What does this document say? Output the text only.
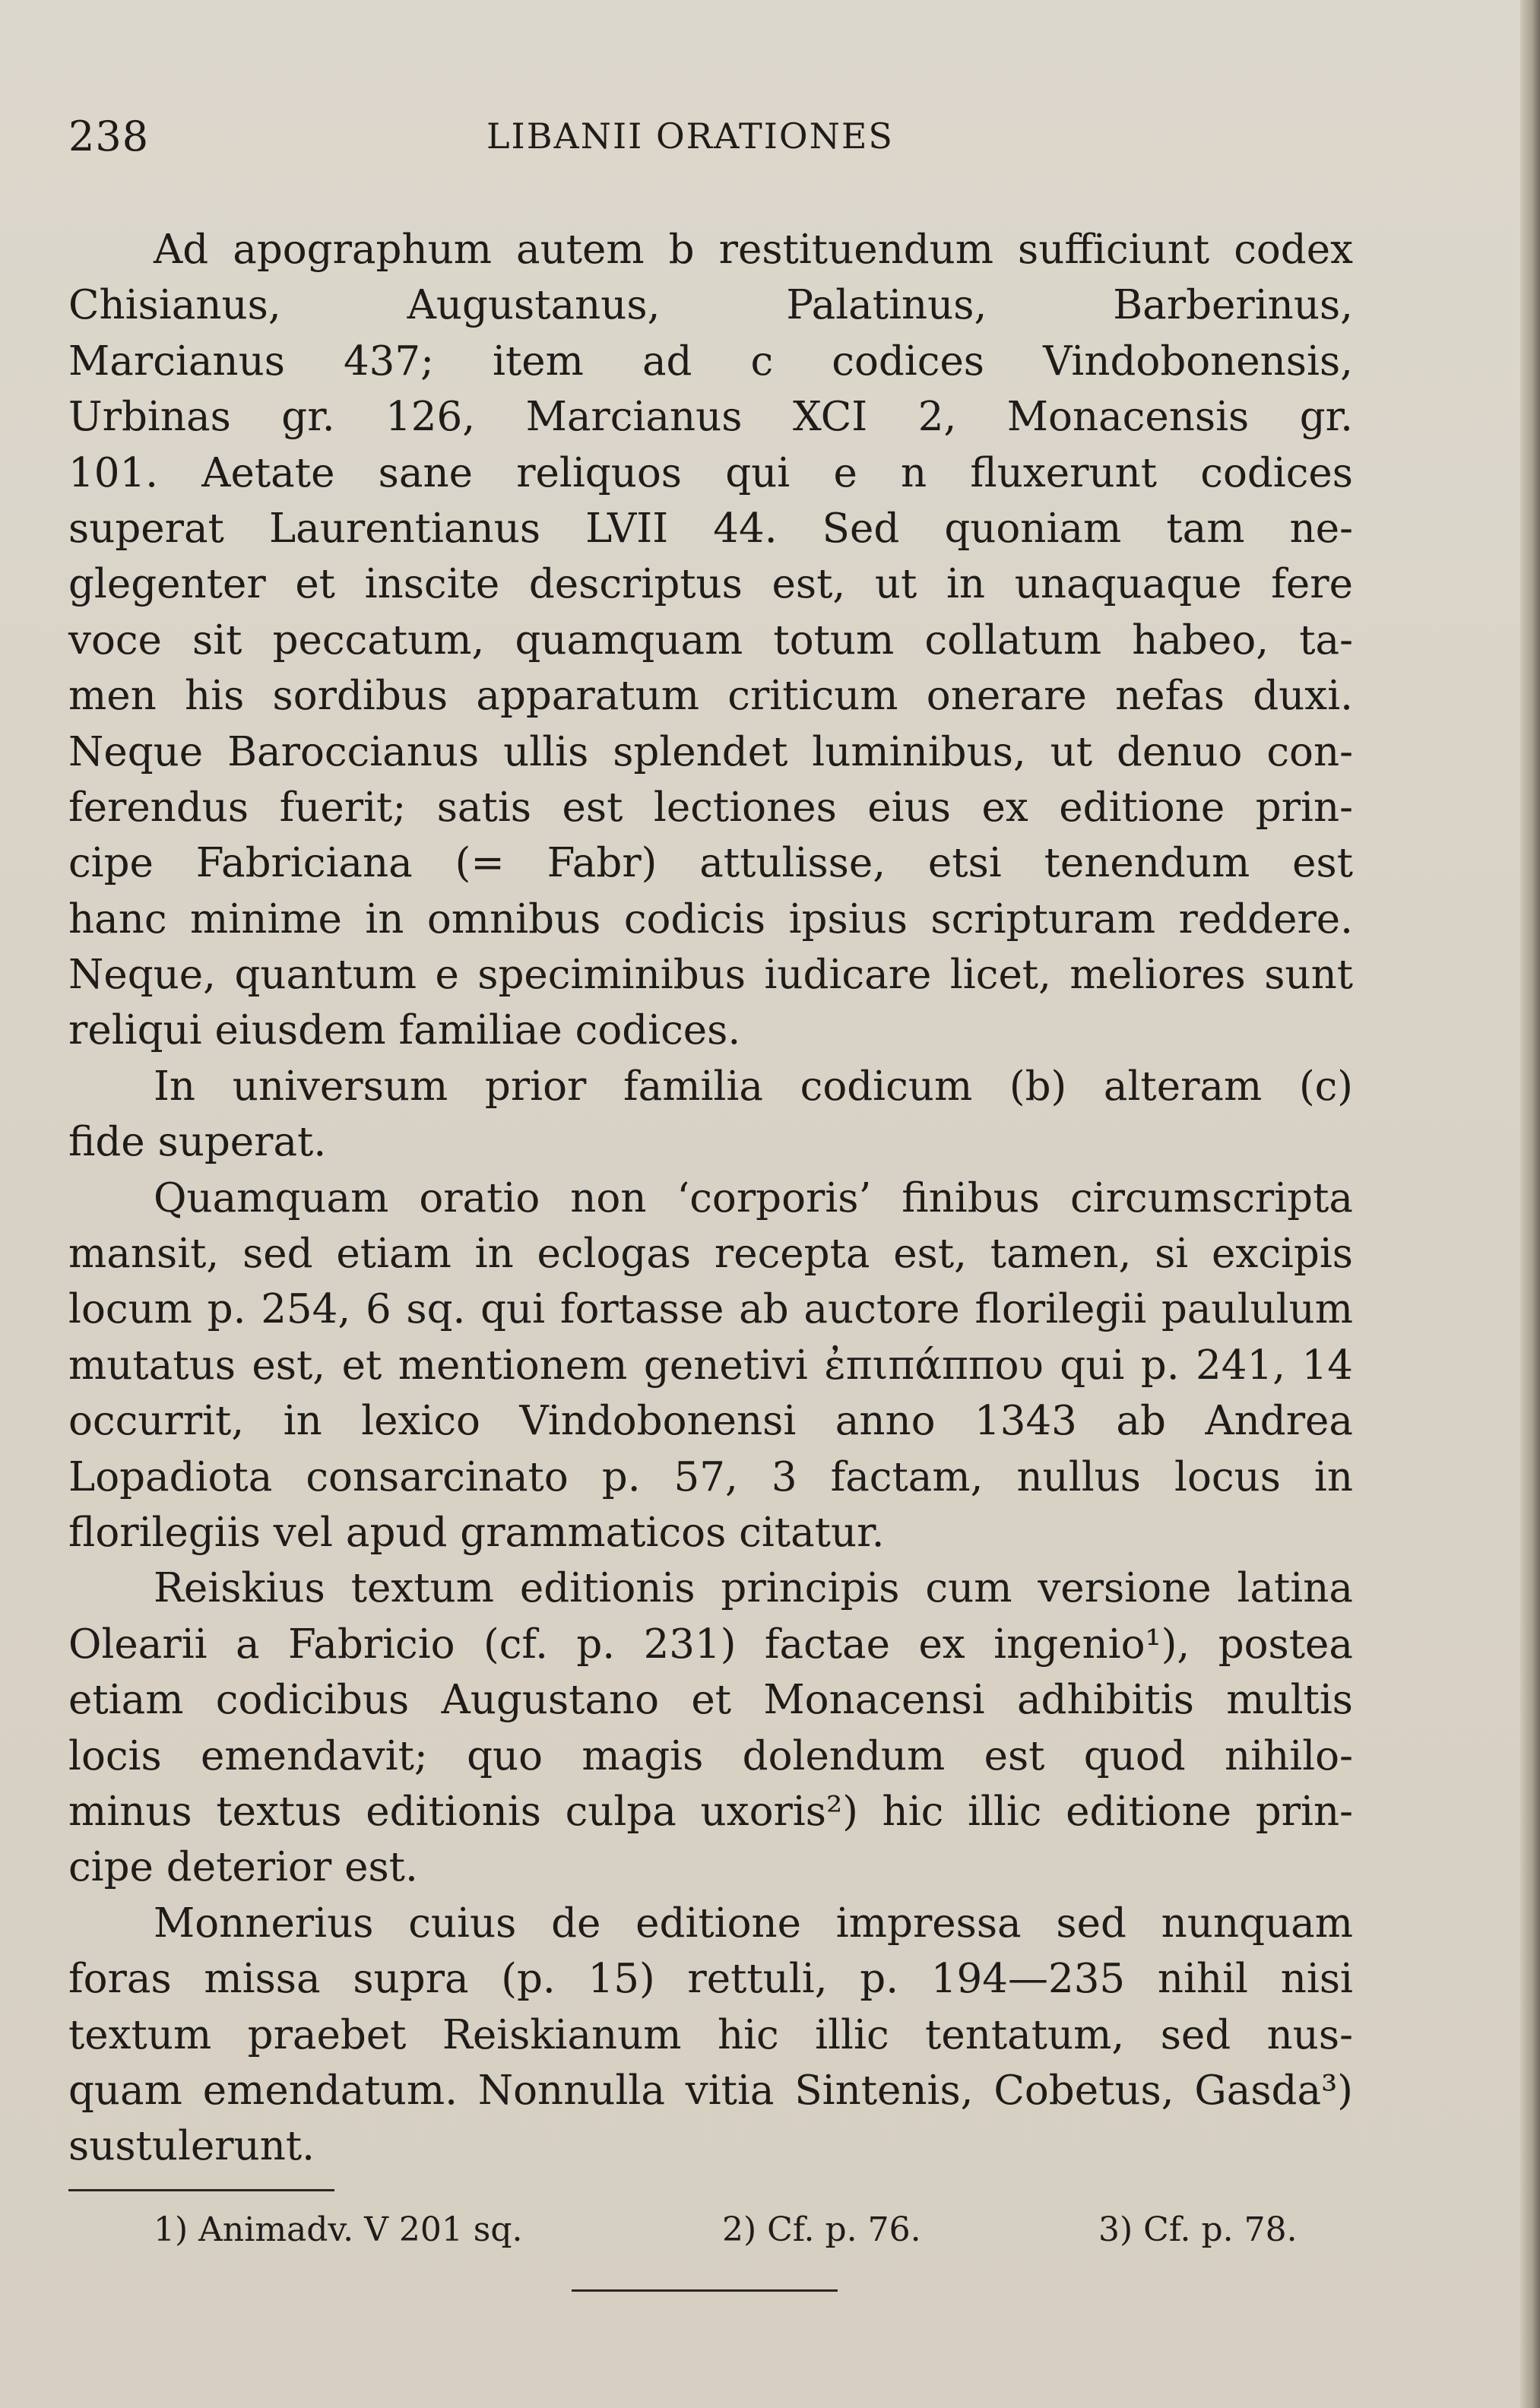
238	LIBANII ORATIONES
Ad apographum autem b restituendum sufficiunt codex
Chisianus, Augustanus, Palatinus, Barberinus,
Marcianus 437; item ad c codices Vindobonensis,
Urbinas gr. 126, Marcianus XCI 2, Monacensis gr.
101. Aetate sane reliquos qui e n fluxerunt codices
superat Laurentianus LVII 44. Sed quoniam tam ne-
glegenter et inscite descriptus est, ut in unaquaque fere
voce sit peccatum, quamquam totum collatum habeo, ta-
men his sordibus apparatum criticum onerare nefas duxi.
Neque Baroccianus ullis splendet luminibus, ut denuo con-
ferendus fuerit; satis est lectiones eius ex editione prin-
cipe Fabriciana (= Fabr) attulisse, etsi tenendum est
hanc minime in omnibus codicis ipsius scripturam reddere.
Neque, quantum e speciminibus iudicare licet, meliores sunt
reliqui eiusdem familiae codices.
In universum prior familia codicum (b) alteram (c)
fide superat.
Quamquam oratio non ‘corporis’ finibus circumscripta
mansit, sed etiam in eclogas recepta est, tamen, si excipis
locum p. 254, 6 sq. qui fortasse ab auctore florilegii paululum
mutatus est, et mentionem genetivi ἐπιπάππου qui p. 241, 14
occurrit, in lexico Vindobonensi anno 1343 ab Andrea
Lopadiota consarcinato p. 57, 3 factam, nullus locus in
florilegiis vel apud grammaticos citatur.
Reiskius textum editionis principis cum versione latina
Olearii a Fabricio (cf. p. 231) factae ex ingenio¹), postea
etiam codicibus Augustano et Monacensi adhibitis multis
locis emendavit; quo magis dolendum est quod nihilo-
minus textus editionis culpa uxoris²) hic illic editione prin-
cipe deterior est.
Monnerius cuius de editione impressa sed nunquam
foras missa supra (p. 15) rettuli, p. 194—235 nihil nisi
textum praebet Reiskianum hic illic tentatum, sed nus-
quam emendatum. Nonnulla vitia Sintenis, Cobetus, Gasda³)
sustulerunt.
1) Animadv. V 201 sq.	2) Cf. p. 76.	3) Cf. p. 78.
